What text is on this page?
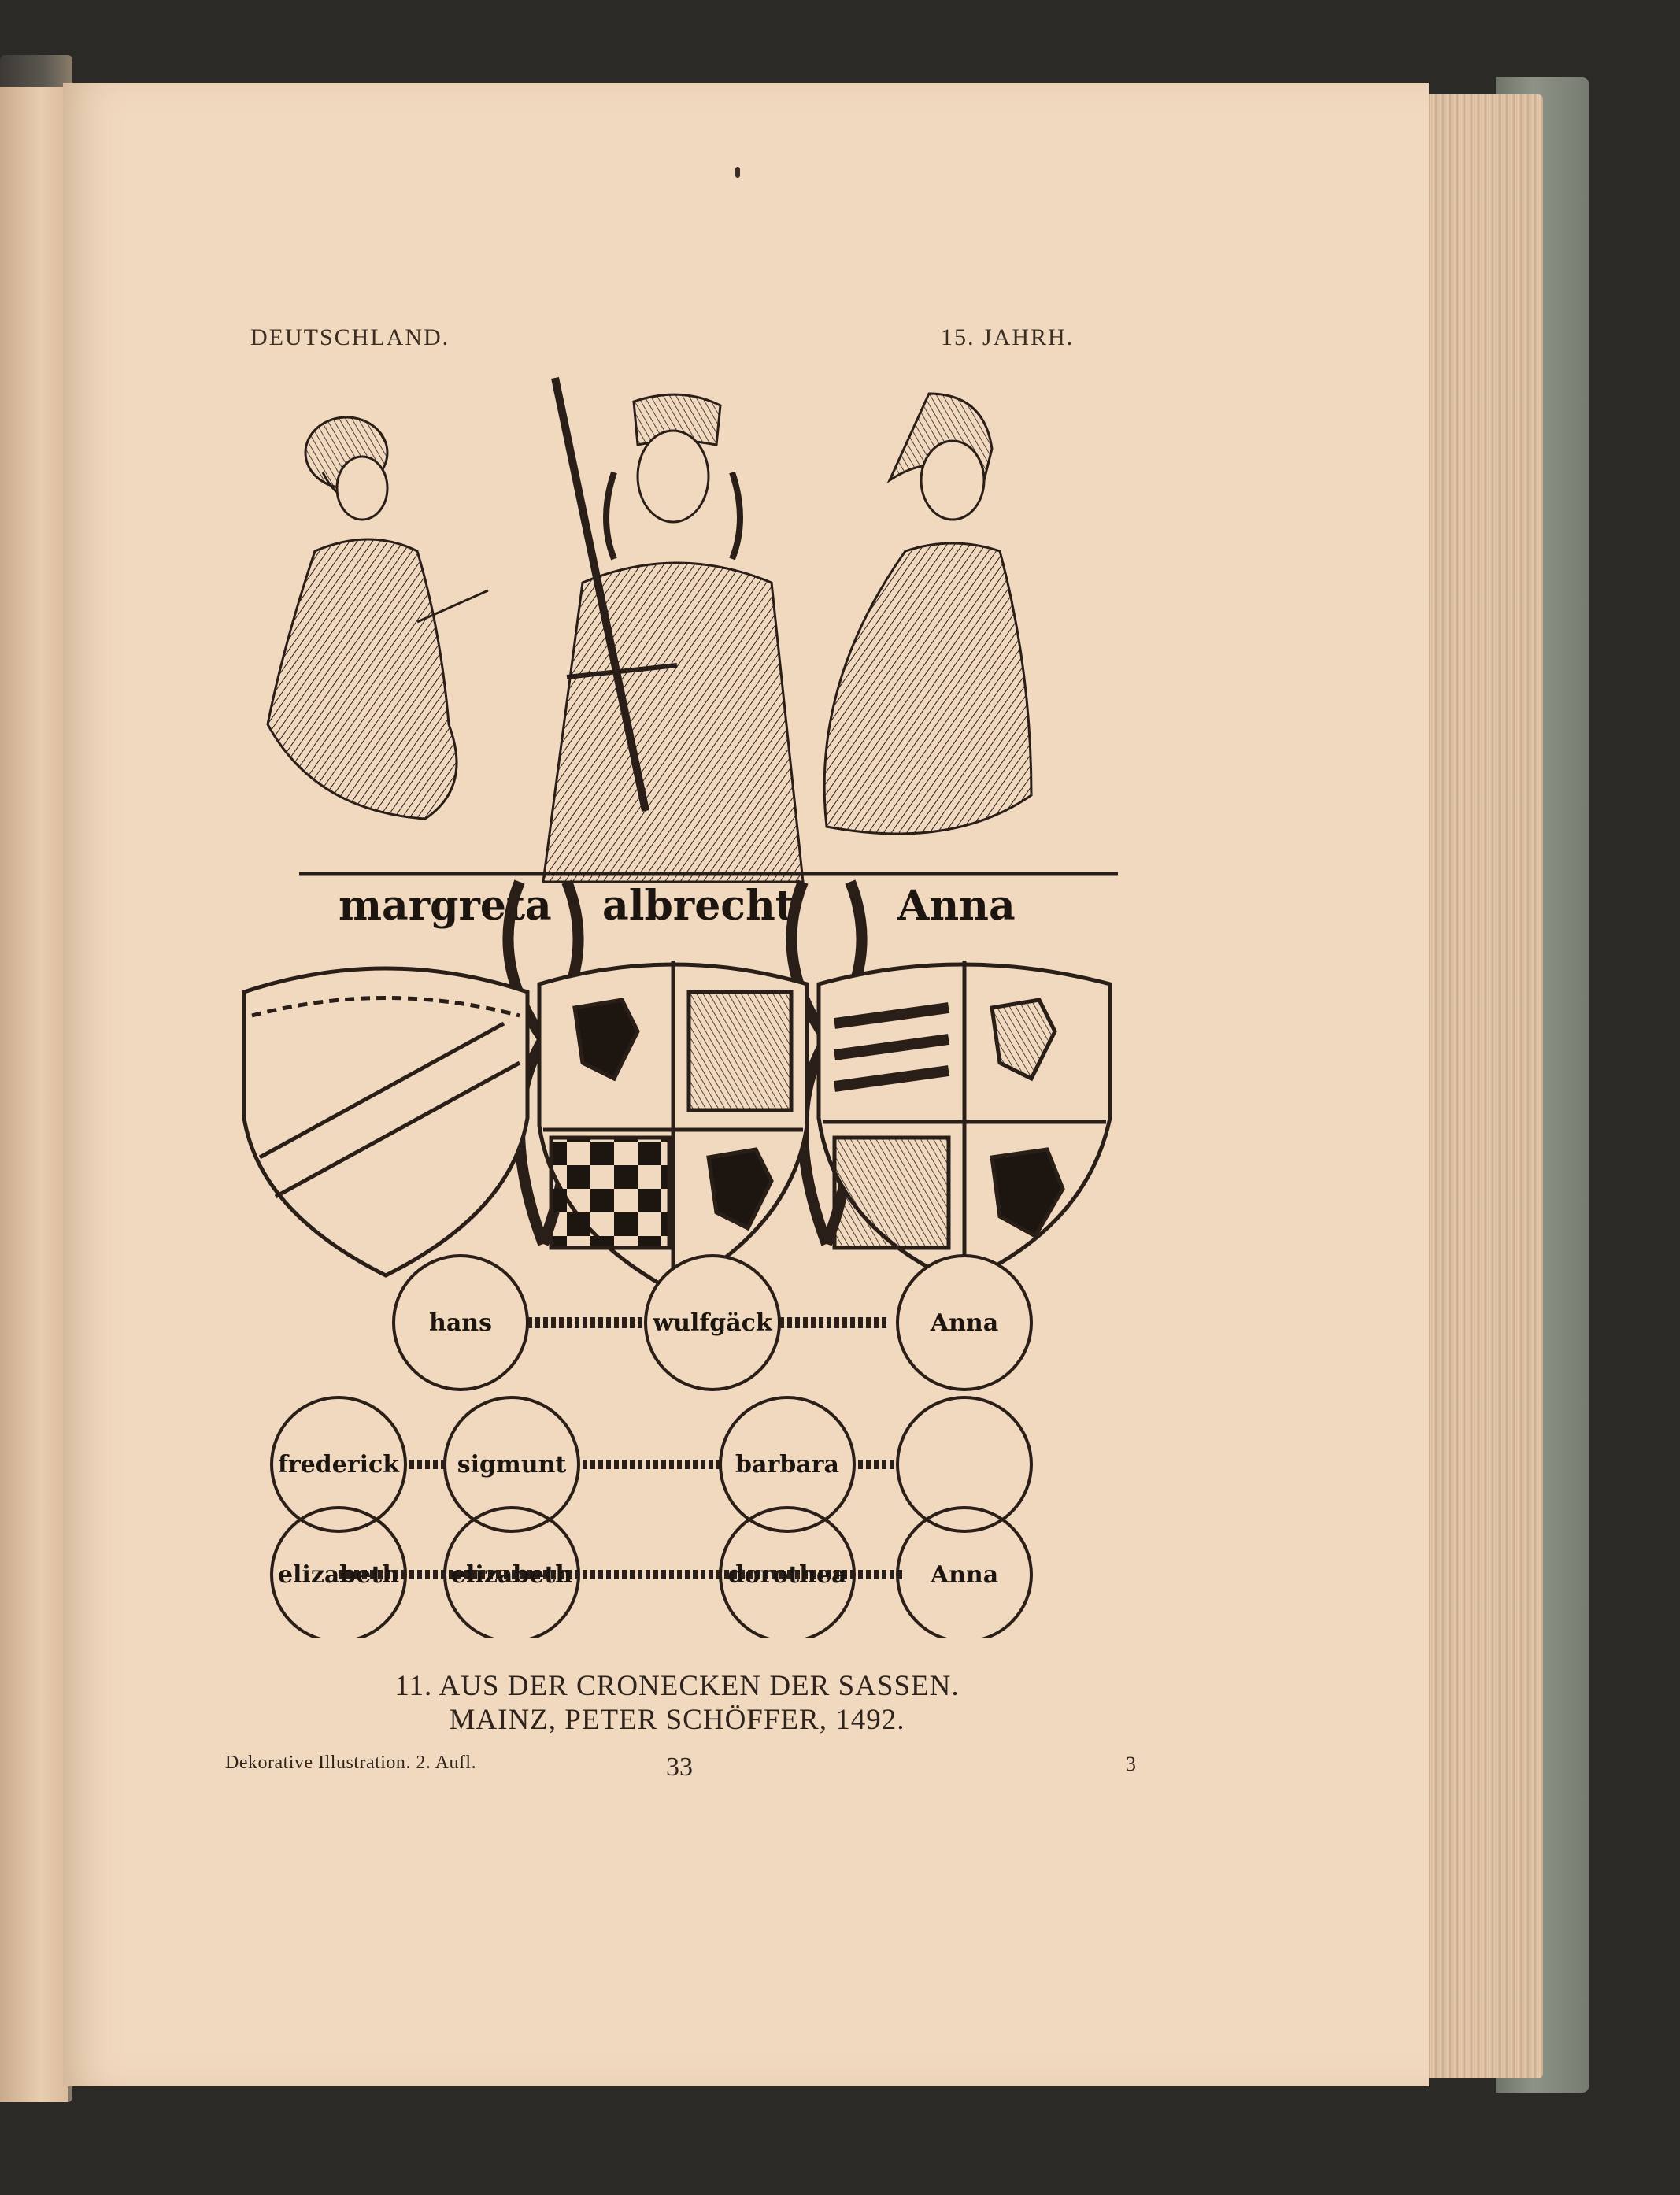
DEUTSCHLAND.	15. JAHRH.
margreta albrecht	Anna
hans	wulfgäck	Anna
frederick sigmunt	barbara
elizabeth elizabeth	dorothea	Anna
11. AUS DER CRONECKEN DER SASSEN.
MAINZ, PETER SCHÖFFER, 1492.
Dekorative Illustration. 2. Aufl.	33	3
